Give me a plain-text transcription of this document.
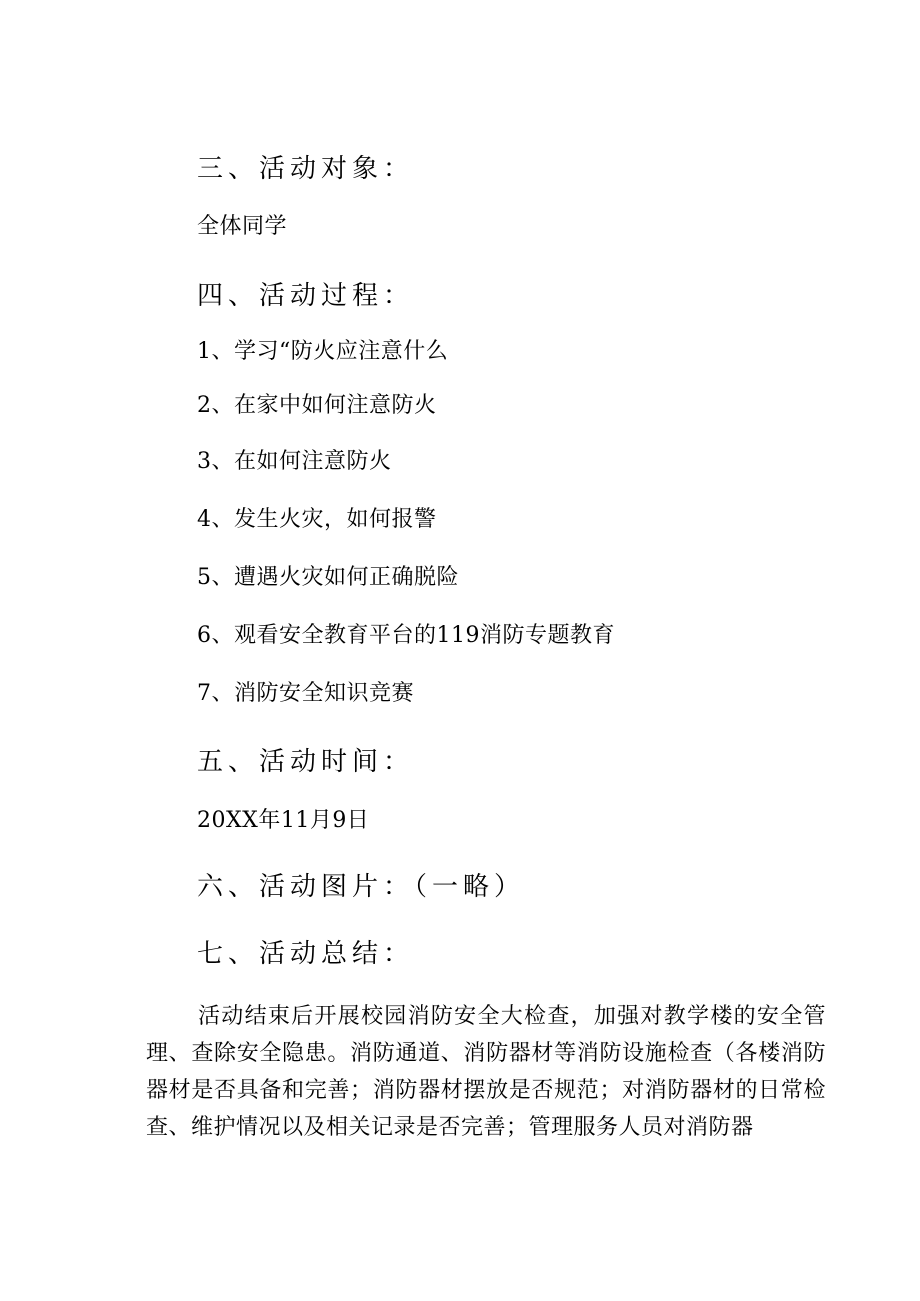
三、活动对象：
全体同学
四、活动过程：
1、学习“防火应注意什么
2、在家中如何注意防火
3、在如何注意防火
4、发生火灾，如何报警
5、遭遇火灾如何正确脱险
6、观看安全教育平台的119消防专题教育
7、消防安全知识竞赛
五、活动时间：
20XX年11月9日
六、活动图片：（一略）
七、活动总结：
活动结束后开展校园消防安全大检查，加强对教学楼的安全管理、查除安全隐患。消防通道、消防器材等消防设施检查（各楼消防器材是否具备和完善；消防器材摆放是否规范；对消防器材的日常检查、维护情况以及相关记录是否完善；管理服务人员对消防器
